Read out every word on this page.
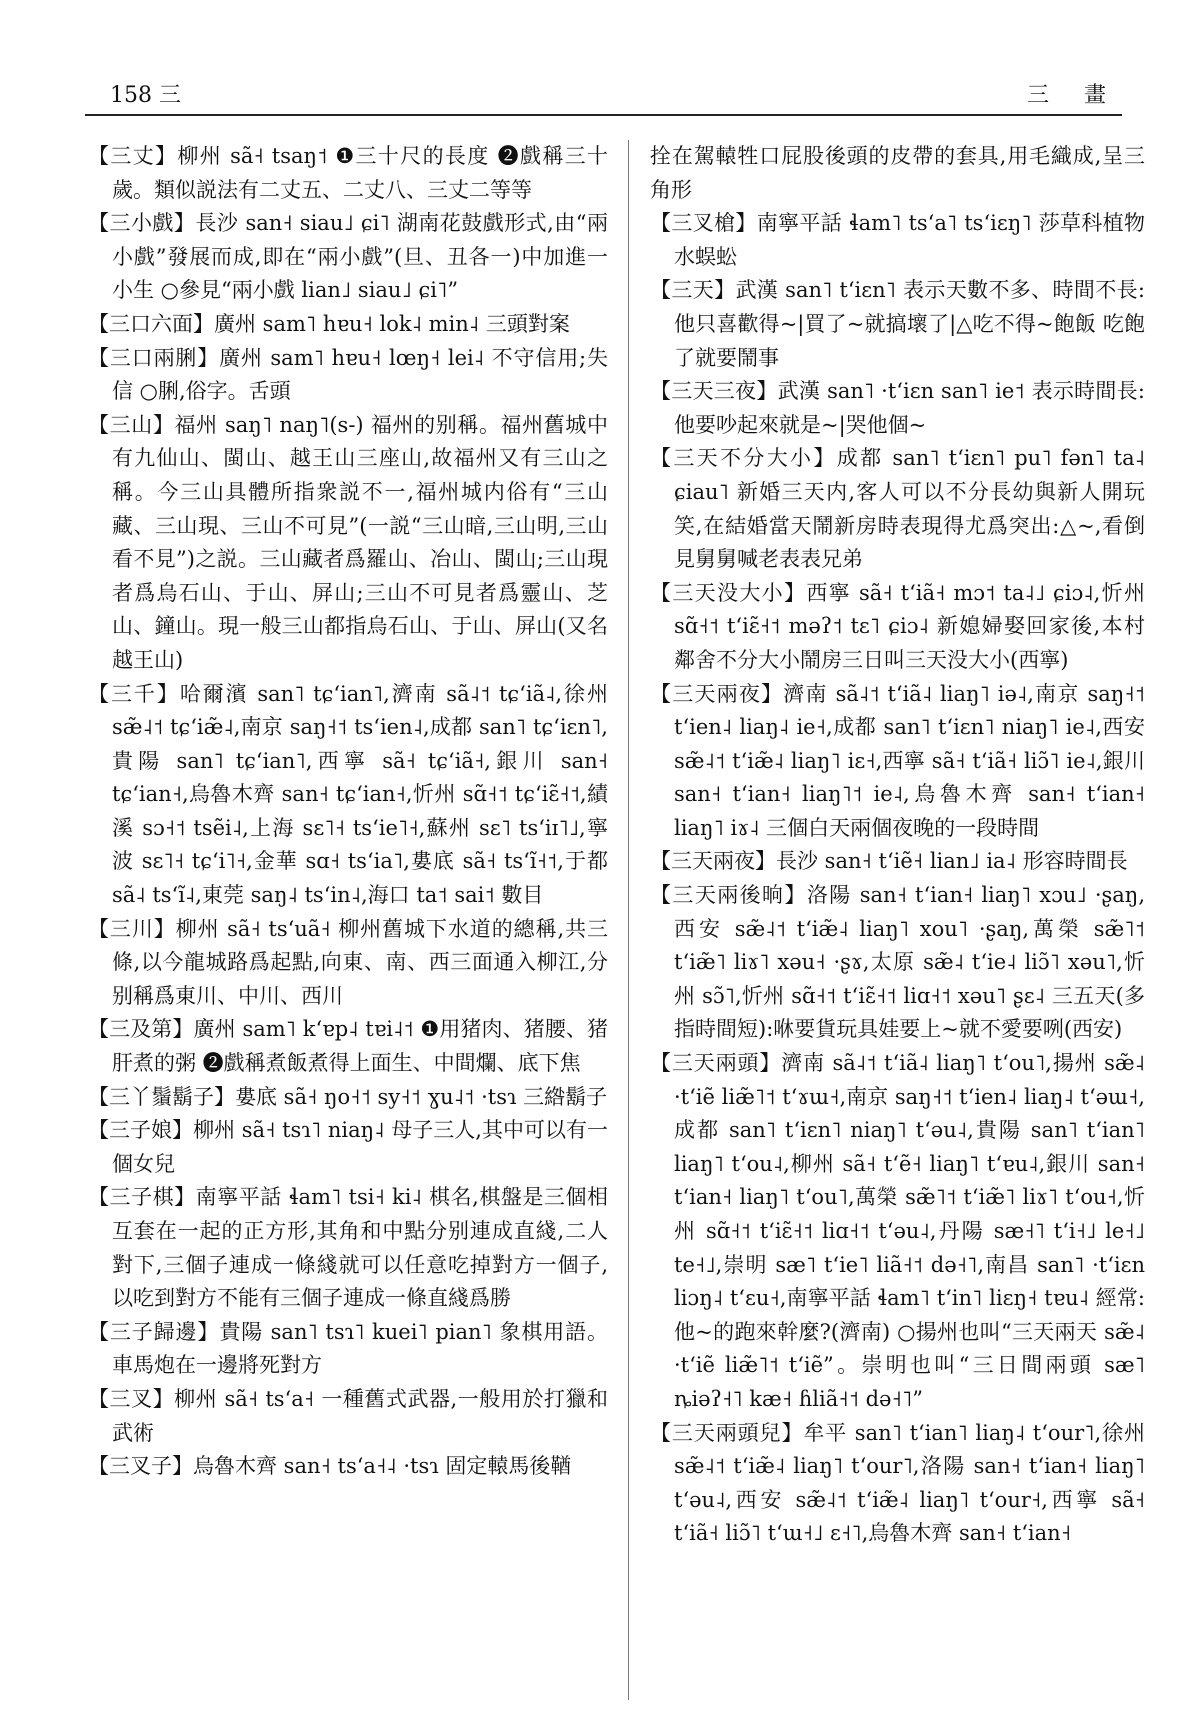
158 三	三 畫

【三丈】柳州 sã˧ tsaŋ˦ ❶三十尺的長度 ❷戲稱三十歲。類似説法有二丈五、二丈八、三丈二等等

【三小戲】長沙 san˧ siau˩ ɕi˥ 湖南花鼓戲形式,由“兩小戲”發展而成,即在“兩小戲”(旦、丑各一)中加進一小生 ○參見“兩小戲 lian˩ siau˩ ɕi˥”

【三口六面】廣州 sam˥ hɐu˧ lok˨ min˨ 三頭對案

【三口兩脷】廣州 sam˥ hɐu˧ lœŋ˧ lei˨ 不守信用;失信 ○脷,俗字。舌頭

【三山】福州 saŋ˥ naŋ˥(s-) 福州的别稱。福州舊城中有九仙山、閩山、越王山三座山,故福州又有三山之稱。今三山具體所指衆説不一,福州城内俗有“三山藏、三山現、三山不可見”(一説“三山暗,三山明,三山看不見”)之説。三山藏者爲羅山、冶山、閩山;三山現者爲烏石山、于山、屏山;三山不可見者爲靈山、芝山、鐘山。現一般三山都指烏石山、于山、屏山(又名越王山)

【三千】哈爾濱 san˥ tɕʻian˥,濟南 sã˨˦ tɕʻiã˨,徐州 sæ̃˨˦ tɕʻiæ̃˨,南京 saŋ˧˦ tsʻien˨,成都 san˥ tɕʻiɛn˥,貴陽 san˥ tɕʻian˥,西寧 sã˧ tɕʻiã˧,銀川 san˧ tɕʻian˧,烏魯木齊 san˧ tɕʻian˧,忻州 sɑ̃˧˦ tɕʻiɛ̃˧˦,績溪 sɔ˧˦ tsẽi˨,上海 sɛ˥˧ tsʻie˥˧,蘇州 sɛ˥ tsʻiɪ˥˩,寧波 sɛ˥˧ tɕʻi˥˧,金華 sɑ˧ tsʻia˥,婁底 sã˧ tsʻĩ˧˦,于都 sã˨ tsʻĩ˨,東莞 saŋ˨ tsʻin˨,海口 ta˦ sai˦ 數目

【三川】柳州 sã˧ tsʻuã˧ 柳州舊城下水道的總稱,共三條,以今龍城路爲起點,向東、南、西三面通入柳江,分别稱爲東川、中川、西川

【三及第】廣州 sam˥ kʻɐp˨ tɐi˨˦ ❶用猪肉、猪腰、猪肝煮的粥 ❷戲稱煮飯煮得上面生、中間爛、底下焦

【三丫鬚鬍子】婁底 sã˧ ŋo˧˦ sy˧˦ ɣu˨˦ ·tsɿ 三綹鬍子

【三子娘】柳州 sã˧ tsɿ˥ niaŋ˨ 母子三人,其中可以有一個女兒

【三子棋】南寧平話 ɬam˥ tsi˧ ki˨ 棋名,棋盤是三個相互套在一起的正方形,其角和中點分别連成直綫,二人對下,三個子連成一條綫就可以任意吃掉對方一個子,以吃到對方不能有三個子連成一條直綫爲勝

【三子歸邊】貴陽 san˥ tsɿ˥ kuei˥ pian˥ 象棋用語。車馬炮在一邊將死對方

【三叉】柳州 sã˧ tsʻa˧ 一種舊式武器,一般用於打獵和武術

【三叉子】烏魯木齊 san˧ tsʻa˧˨ ·tsɿ 固定轅馬後鞧

拴在駕轅牲口屁股後頭的皮帶的套具,用毛織成,呈三角形

【三叉槍】南寧平話 ɬam˥ tsʻa˥ tsʻiɛŋ˥ 莎草科植物水蜈蚣

【三天】武漢 san˥ tʻiɛn˥ 表示天數不多、時間不長:他只喜歡得~|買了~就搞壞了|△吃不得~飽飯 吃飽了就要鬧事

【三天三夜】武漢 san˥ ·tʻiɛn san˥ ie˦ 表示時間長:他要吵起來就是~|哭他個~

【三天不分大小】成都 san˥ tʻiɛn˥ pu˥ fən˥ ta˨ ɕiau˥ 新婚三天内,客人可以不分長幼與新人開玩笑,在結婚當天鬧新房時表現得尤爲突出:△~,看倒見舅舅喊老表表兄弟

【三天没大小】西寧 sã˧ tʻiã˧ mɔ˦ ta˨˩ ɕiɔ˨,忻州 sɑ̃˧˦ tʻiɛ̃˧˦ məʔ˦ tɛ˥ ɕiɔ˨ 新媳婦娶回家後,本村鄰舍不分大小鬧房三日叫三天没大小(西寧)

【三天兩夜】濟南 sã˨˦ tʻiã˨ liaŋ˥ iə˨,南京 saŋ˧˦ tʻien˨ liaŋ˨ ie˧,成都 san˥ tʻiɛn˥ niaŋ˥ ie˨,西安 sæ̃˨˦ tʻiæ̃˨ liaŋ˥ iɛ˧,西寧 sã˧ tʻiã˧ liɔ̃˥ ie˨,銀川 san˧ tʻian˧ liaŋ˥˦ ie˨,烏魯木齊 san˧ tʻian˧ liaŋ˥ iɤ˨ 三個白天兩個夜晚的一段時間

【三天兩夜】長沙 san˧ tʻiẽ˧ lian˩ ia˨ 形容時間長

【三天兩後晌】洛陽 san˧ tʻian˧ liaŋ˥ xɔu˩ ·ʂaŋ,西安 sæ̃˨˦ tʻiæ̃˨ liaŋ˥ xou˥ ·ʂaŋ,萬榮 sæ̃˥˦ tʻiæ̃˥ liɤ˥ xəu˧ ·ʂɤ,太原 sæ̃˨ tʻie˨ liɔ̃˥ xəu˥,忻州 sɔ̃˥,忻州 sɑ̃˧˦ tʻiɛ̃˧˦ liɑ˧˦ xəu˥ ʂɛ˨ 三五天(多指時間短):咻要貨玩具娃要上~就不愛要咧(西安)

【三天兩頭】濟南 sã˨˦ tʻiã˨ liaŋ˥ tʻou˥,揚州 sæ̃˨ ·tʻiẽ liæ̃˥˦ tʻɤɯ˧,南京 saŋ˧˦ tʻien˨ liaŋ˨ tʻəɯ˧,成都 san˥ tʻiɛn˥ niaŋ˥ tʻəu˨,貴陽 san˥ tʻian˥ liaŋ˥ tʻou˨,柳州 sã˧ tʻẽ˧ liaŋ˥ tʻɐu˨,銀川 san˧ tʻian˧ liaŋ˥ tʻou˥,萬榮 sæ̃˥˦ tʻiæ̃˥ liɤ˥ tʻou˧,忻州 sɑ̃˧˦ tʻiɛ̃˧˦ liɑ˧˦ tʻəu˨,丹陽 sæ˧˥ tʻi˧˩ le˧˩ te˧˩,崇明 sæ˥ tʻie˥ liã˧˦ də˧˥,南昌 san˥ ·tʻiɛn liɔŋ˨ tʻɛu˧,南寧平話 ɬam˥ tʻin˥ liɛŋ˧ tɐu˨ 經常:他~的跑來幹麼?(濟南) ○揚州也叫“三天兩天 sæ̃˨ ·tʻiẽ liæ̃˥˦ tʻiẽ”。崇明也叫“三日間兩頭 sæ˥ ȵiəʔ˧˥ kæ˧ ɦliã˧˦ də˧˥”

【三天兩頭兒】牟平 san˥ tʻian˥ liaŋ˨ tʻour˥,徐州 sæ̃˨˦ tʻiæ̃˨ liaŋ˥ tʻour˥,洛陽 san˧ tʻian˧ liaŋ˥ tʻəu˨,西安 sæ̃˨˦ tʻiæ̃˨ liaŋ˥ tʻour˧,西寧 sã˧ tʻiã˧ liɔ̃˥ tʻɯ˧˩ ɛ˧˥,烏魯木齊 san˧ tʻian˧
